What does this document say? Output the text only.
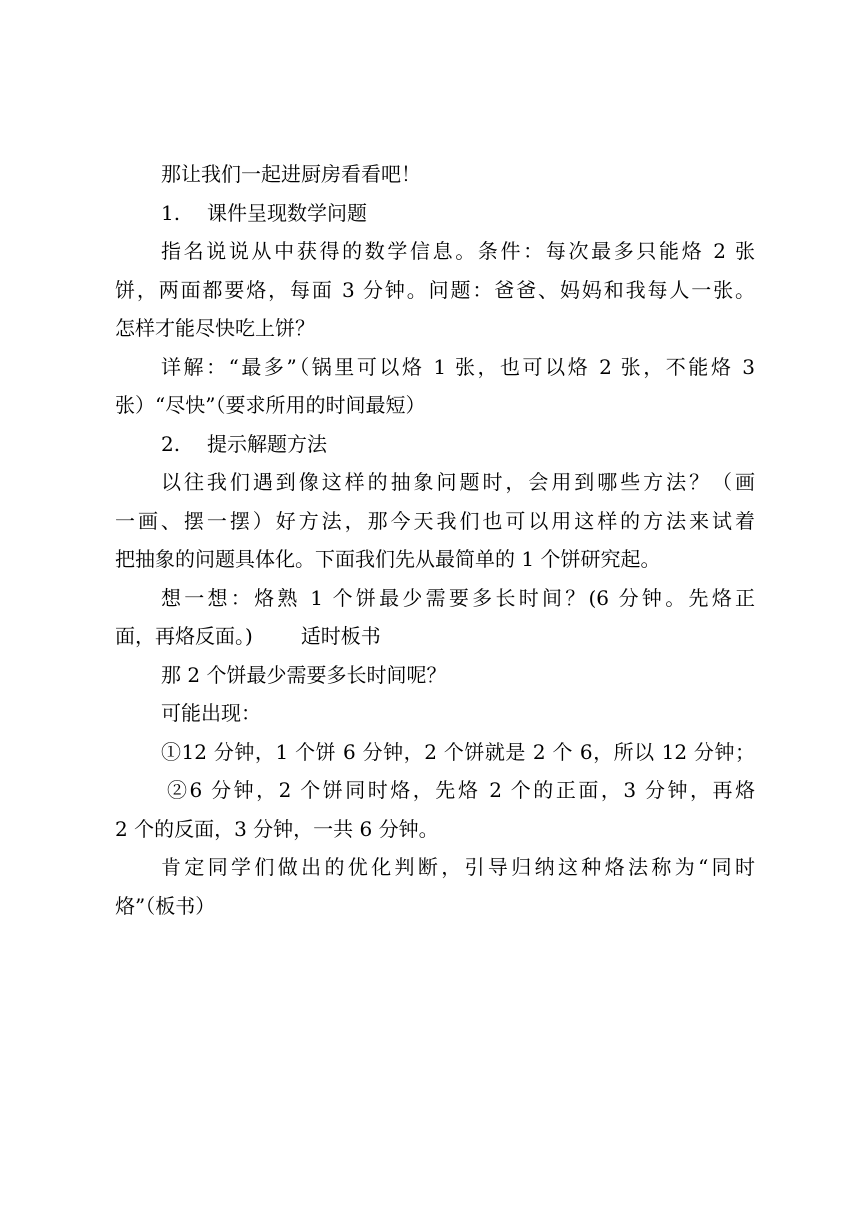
那让我们一起进厨房看看吧！
1. 课件呈现数学问题
指名说说从中获得的数学信息。条件：每次最多只能烙 2 张
饼，两面都要烙，每面 3 分钟。问题：爸爸、妈妈和我每人一张。
怎样才能尽快吃上饼？
详解：“最多”（锅里可以烙 1 张，也可以烙 2 张，不能烙 3
张）“尽快”（要求所用的时间最短）
2. 提示解题方法
以往我们遇到像这样的抽象问题时，会用到哪些方法？（画
一画、摆一摆）好方法，那今天我们也可以用这样的方法来试着
把抽象的问题具体化。下面我们先从最简单的 1 个饼研究起。
想一想：烙熟 1 个饼最少需要多长时间？(6 分钟。先烙正
面，再烙反面。) 适时板书
那 2 个饼最少需要多长时间呢？
可能出现：
①12 分钟，1 个饼 6 分钟，2 个饼就是 2 个 6，所以 12 分钟；
②6 分钟，2 个饼同时烙，先烙 2 个的正面，3 分钟，再烙
2 个的反面，3 分钟，一共 6 分钟。
肯定同学们做出的优化判断，引导归纳这种烙法称为“同时
烙”（板书）
